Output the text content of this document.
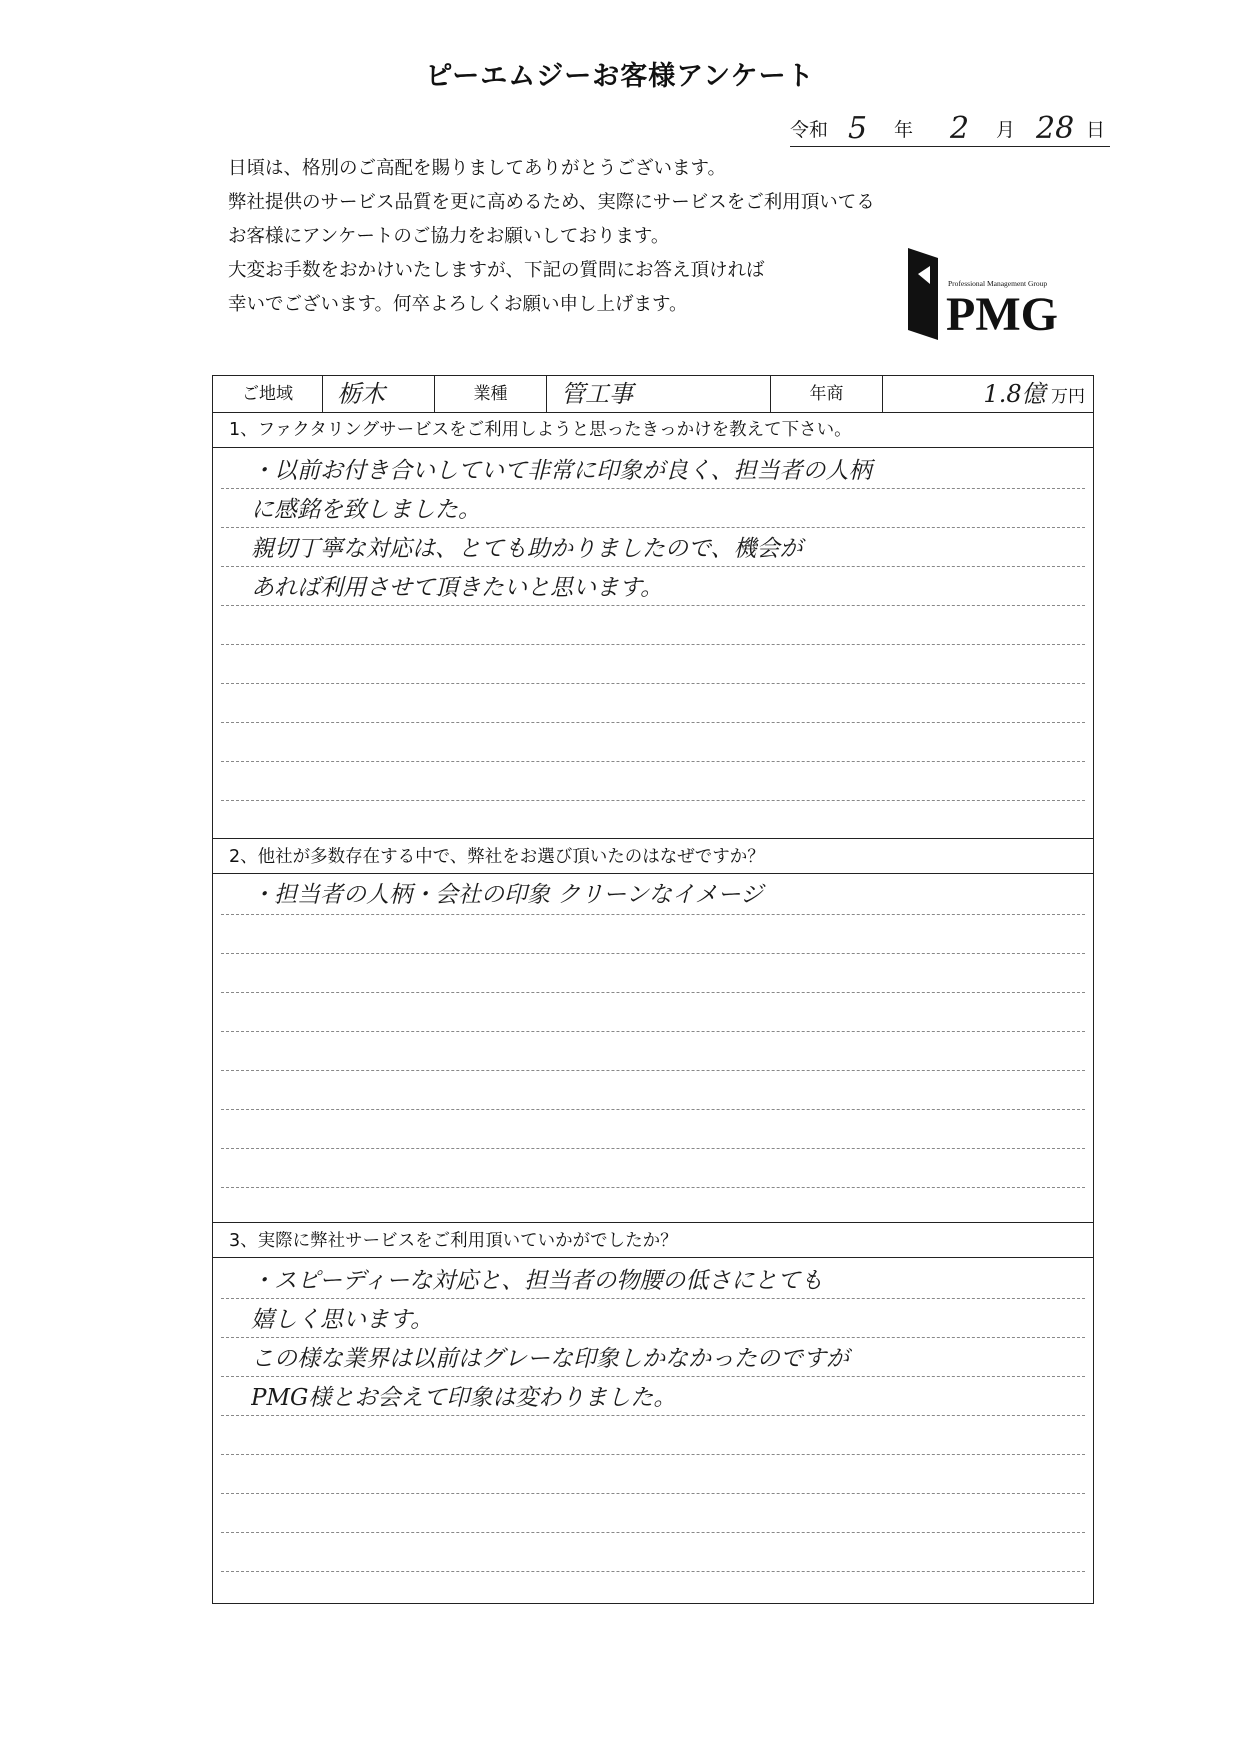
ピーエムジーお客様アンケート
令和 5 年 2 月 28 日
日頃は、格別のご高配を賜りましてありがとうございます。
弊社提供のサービス品質を更に高めるため、実際にサービスをご利用頂いてる
お客様にアンケートのご協力をお願いしております。
大変お手数をおかけいたしますが、下記の質問にお答え頂ければ
幸いでございます。何卒よろしくお願い申し上げます。
Professional Management Group
PMG
ご地域	栃木	業種	管工事	年商	1.8億 万円
1、ファクタリングサービスをご利用しようと思ったきっかけを教えて下さい。
・以前お付き合いしていて非常に印象が良く、担当者の人柄
に感銘を致しました。
親切丁寧な対応は、とても助かりましたので、機会が
あれば利用させて頂きたいと思います。
2、他社が多数存在する中で、弊社をお選び頂いたのはなぜですか？
・担当者の人柄・会社の印象 クリーンなイメージ
3、実際に弊社サービスをご利用頂いていかがでしたか？
・スピーディーな対応と、担当者の物腰の低さにとても
嬉しく思います。
この様な業界は以前はグレーな印象しかなかったのですが
PMG様とお会えて印象は変わりました。
